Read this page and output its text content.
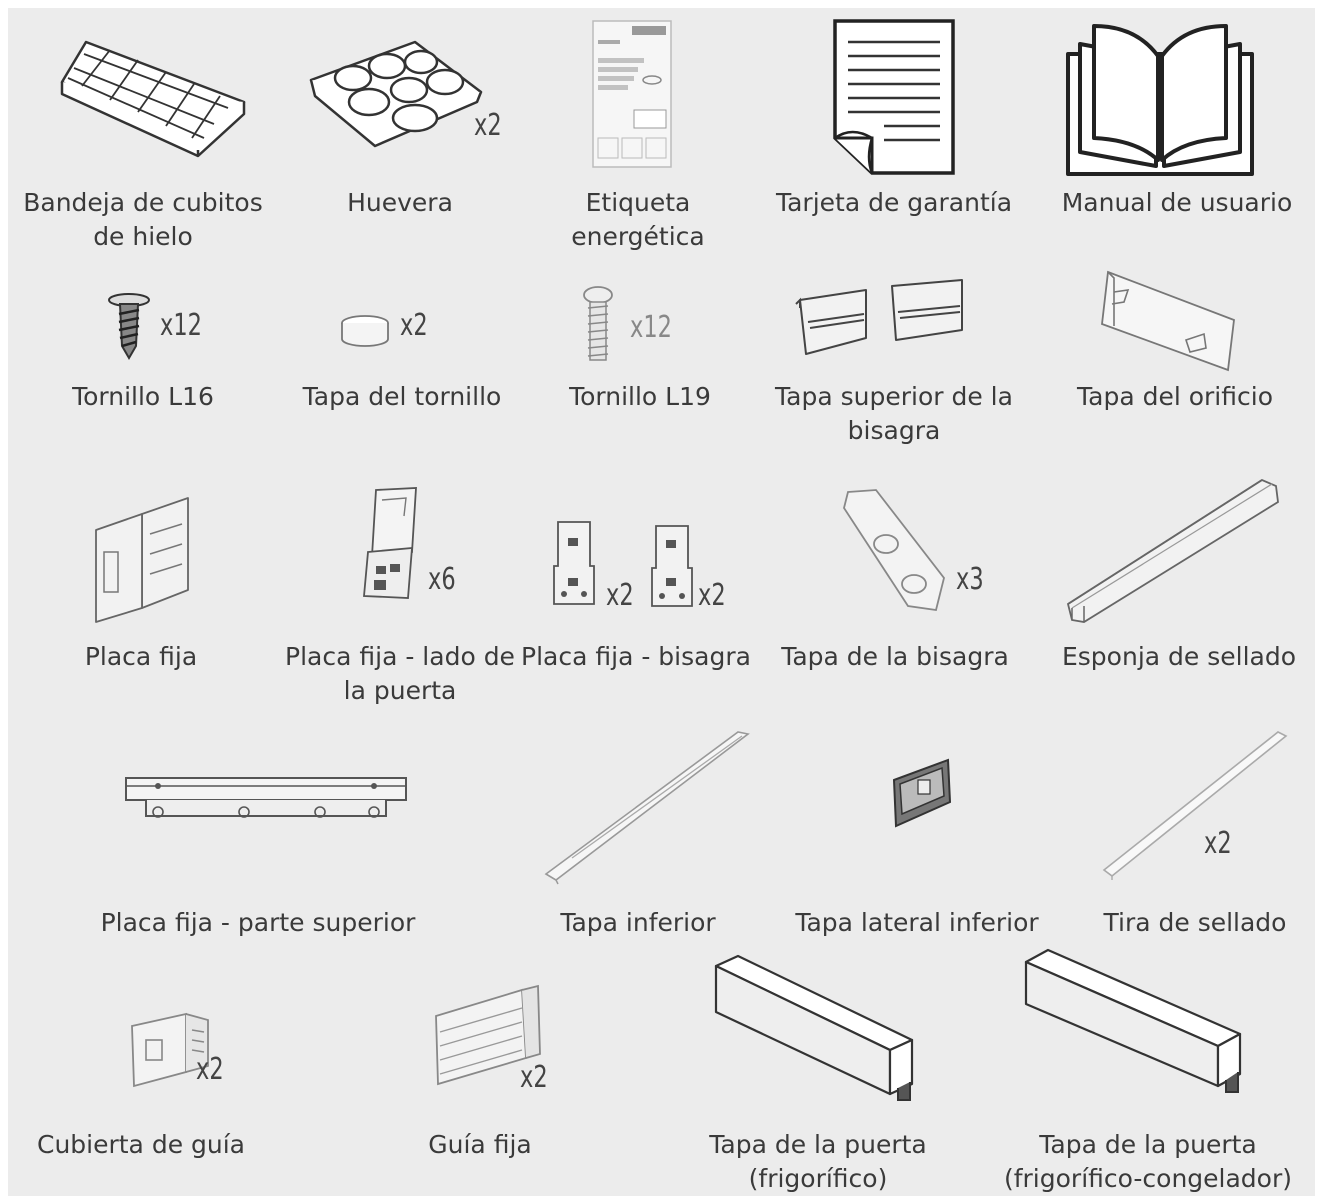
Bandeja de cubitos
de hielo
x2
Huevera	Etiqueta
energética
Tarjeta de garantía	Manual de usuario
x12
Tornillo L16
x2
Tapa del tornillo
x12
Tornillo L19	Tapa superior de la
bisagra
Tapa del orificio
Placa fija
x6
Placa fija - lado de
la puerta
x2 x2
Placa fija - bisagra
x3
Tapa de la bisagra	Esponja de sellado
Placa fija - parte superior	Tapa inferior	Tapa lateral inferior
x2
Tira de sellado
x2
Cubierta de guía
x2
Guía fija	Tapa de la puerta
(frigorífico)
Tapa de la puerta
(frigorífico-congelador)
